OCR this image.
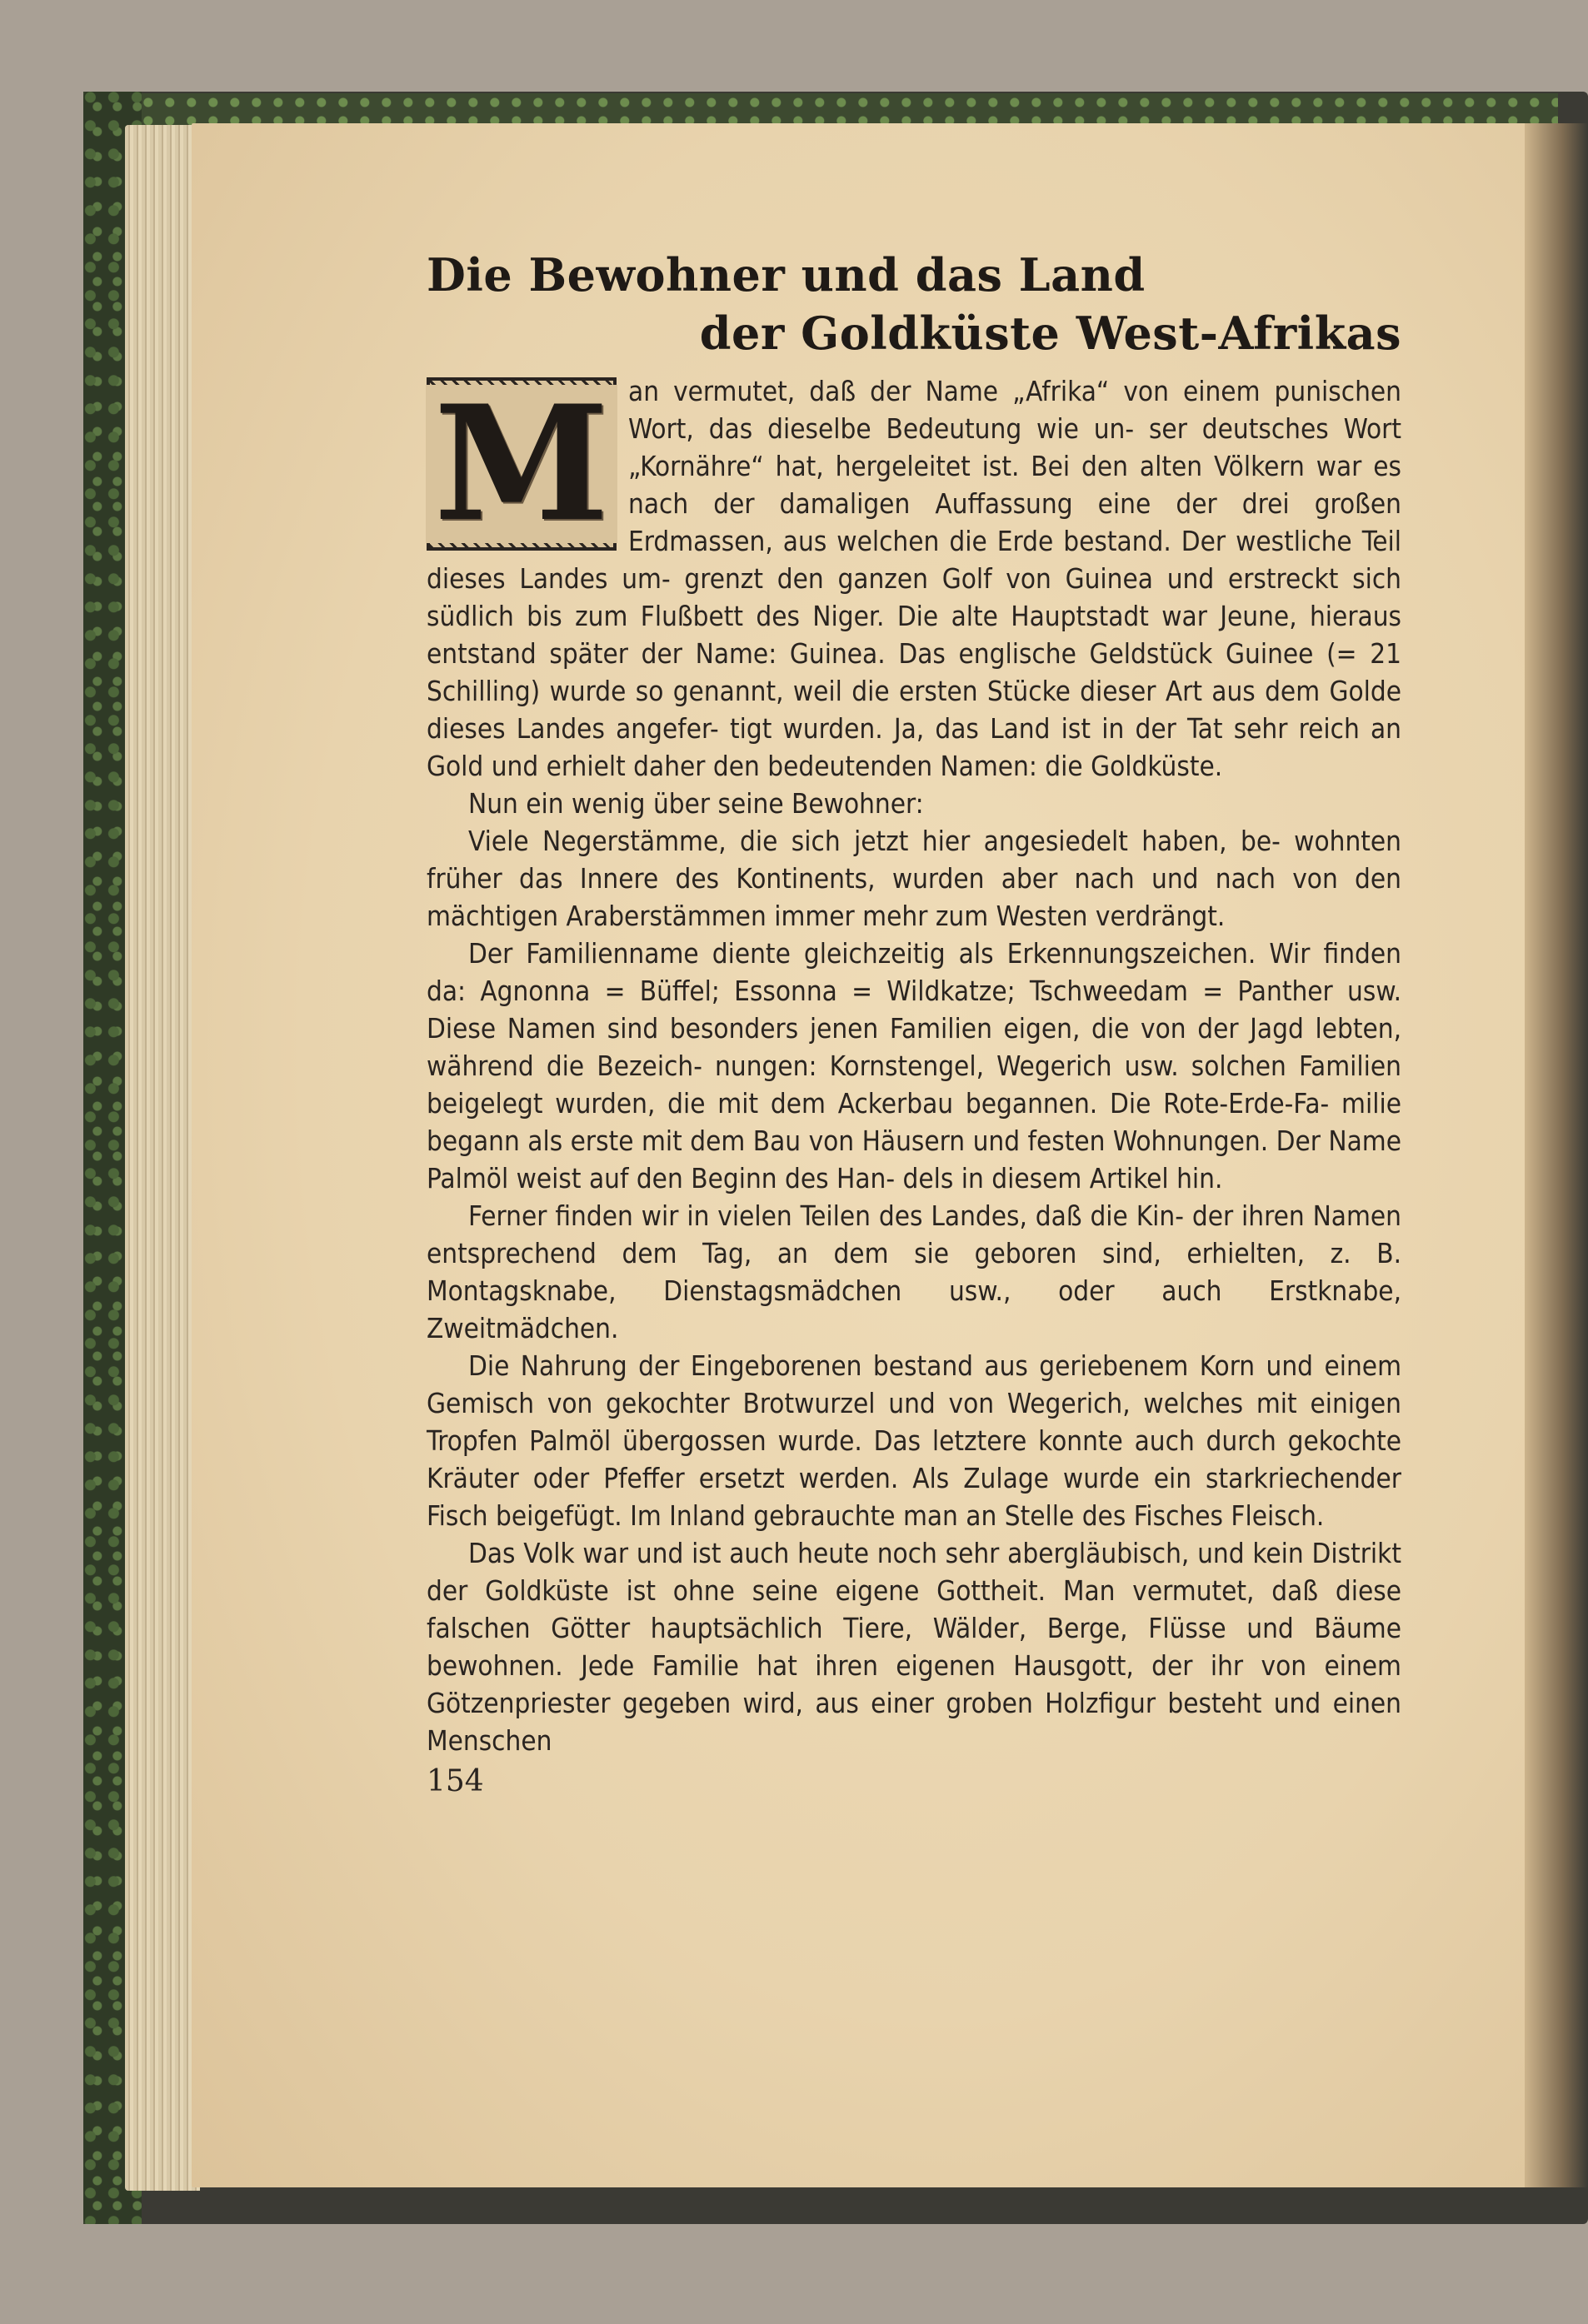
Die Bewohner und das Land
der Goldküste West-Afrikas
M an vermutet, daß der Name „Afrika“ von einem punischen Wort, das dieselbe Bedeutung wie un- ser deutsches Wort „Kornähre“ hat, hergeleitet ist. Bei den alten Völkern war es nach der damaligen Auffassung eine der drei großen Erdmassen, aus welchen die Erde bestand. Der westliche Teil dieses Landes um- grenzt den ganzen Golf von Guinea und erstreckt sich südlich bis zum Flußbett des Niger. Die alte Hauptstadt war Jeune, hieraus entstand später der Name: Guinea. Das englische Geldstück Guinee (= 21 Schilling) wurde so genannt, weil die ersten Stücke dieser Art aus dem Golde dieses Landes angefer- tigt wurden. Ja, das Land ist in der Tat sehr reich an Gold und erhielt daher den bedeutenden Namen: die Goldküste.

Nun ein wenig über seine Bewohner:

Viele Negerstämme, die sich jetzt hier angesiedelt haben, be- wohnten früher das Innere des Kontinents, wurden aber nach und nach von den mächtigen Araberstämmen immer mehr zum Westen verdrängt.

Der Familienname diente gleichzeitig als Erkennungszeichen. Wir finden da: Agnonna = Büffel; Essonna = Wildkatze; Tschweedam = Panther usw. Diese Namen sind besonders jenen Familien eigen, die von der Jagd lebten, während die Bezeich- nungen: Kornstengel, Wegerich usw. solchen Familien beigelegt wurden, die mit dem Ackerbau begannen. Die Rote-Erde-Fa- milie begann als erste mit dem Bau von Häusern und festen Wohnungen. Der Name Palmöl weist auf den Beginn des Han- dels in diesem Artikel hin.

Ferner finden wir in vielen Teilen des Landes, daß die Kin- der ihren Namen entsprechend dem Tag, an dem sie geboren sind, erhielten, z. B. Montagsknabe, Dienstagsmädchen usw., oder auch Erstknabe, Zweitmädchen.

Die Nahrung der Eingeborenen bestand aus geriebenem Korn und einem Gemisch von gekochter Brotwurzel und von Wegerich, welches mit einigen Tropfen Palmöl übergossen wurde. Das letztere konnte auch durch gekochte Kräuter oder Pfeffer ersetzt werden. Als Zulage wurde ein starkriechender Fisch beigefügt. Im Inland gebrauchte man an Stelle des Fisches Fleisch.

Das Volk war und ist auch heute noch sehr abergläubisch, und kein Distrikt der Goldküste ist ohne seine eigene Gottheit. Man vermutet, daß diese falschen Götter hauptsächlich Tiere, Wälder, Berge, Flüsse und Bäume bewohnen. Jede Familie hat ihren eigenen Hausgott, der ihr von einem Götzenpriester gegeben wird, aus einer groben Holzfigur besteht und einen Menschen

154
